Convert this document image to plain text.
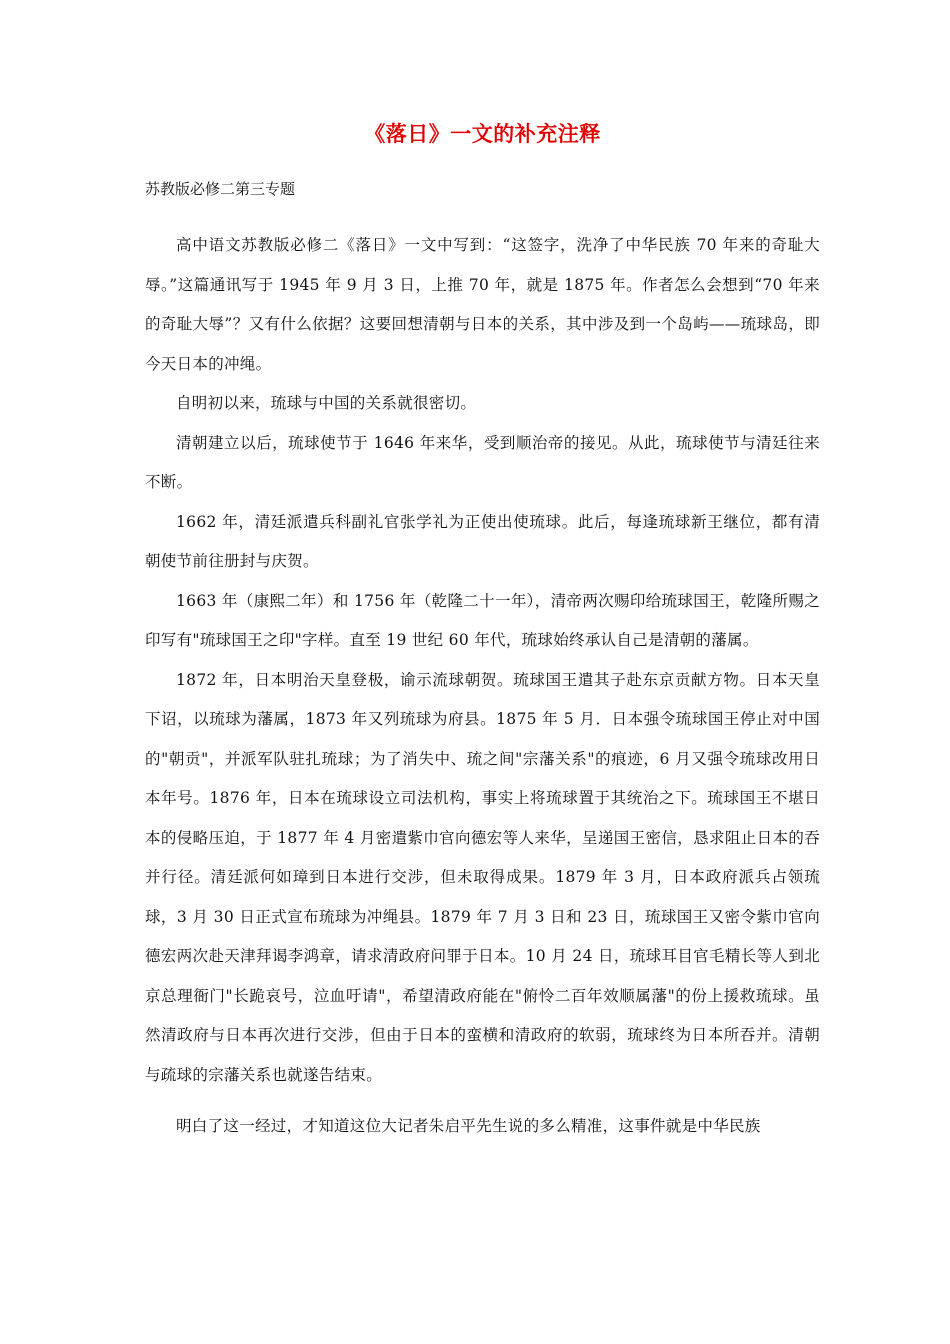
《落日》一文的补充注释
苏教版必修二第三专题

高中语文苏教版必修二《落日》一文中写到：“这签字，洗净了中华民族 70 年来的奇耻大辱。”这篇通讯写于 1945 年 9 月 3 日，上推 70 年，就是 1875 年。作者怎么会想到“70 年来的奇耻大辱”？又有什么依据？这要回想清朝与日本的关系，其中涉及到一个岛屿——琉球岛，即今天日本的冲绳。

自明初以来，琉球与中国的关系就很密切。

清朝建立以后，琉球使节于 1646 年来华，受到顺治帝的接见。从此，琉球使节与清廷往来不断。

1662 年，清廷派遣兵科副礼官张学礼为正使出使琉球。此后，每逢琉球新王继位，都有清朝使节前往册封与庆贺。

1663 年（康熙二年）和 1756 年（乾隆二十一年），清帝两次赐印给琉球国王，乾隆所赐之印写有"琉球国王之印"字样。直至 19 世纪 60 年代，琉球始终承认自己是清朝的藩属。

1872 年，日本明治天皇登极，谕示流球朝贺。琉球国王遣其子赴东京贡献方物。日本天皇下诏，以琉球为藩属，1873 年又列琉球为府县。1875 年 5 月．日本强令琉球国王停止对中国的"朝贡"，并派军队驻扎琉球；为了消失中、琉之间"宗藩关系"的痕迹，6 月又强令琉球改用日本年号。1876 年，日本在琉球设立司法机构，事实上将琉球置于其统治之下。琉球国王不堪日本的侵略压迫，于 1877 年 4 月密遣紫巾官向德宏等人来华，呈递国王密信，恳求阻止日本的吞并行径。清廷派何如璋到日本进行交涉，但未取得成果。1879 年 3 月，日本政府派兵占领琉球，3 月 30 日正式宣布琉球为冲绳县。1879 年 7 月 3 日和 23 日，琉球国王又密令紫巾官向德宏两次赴天津拜谒李鸿章，请求清政府问罪于日本。10 月 24 日，琉球耳目官毛精长等人到北京总理衙门"长跪哀号，泣血吁请"，希望清政府能在"俯怜二百年效顺属藩"的份上援救琉球。虽然清政府与日本再次进行交涉，但由于日本的蛮横和清政府的软弱，琉球终为日本所吞并。清朝与疏球的宗藩关系也就遂告结束。

明白了这一经过，才知道这位大记者朱启平先生说的多么精准，这事件就是中华民族
